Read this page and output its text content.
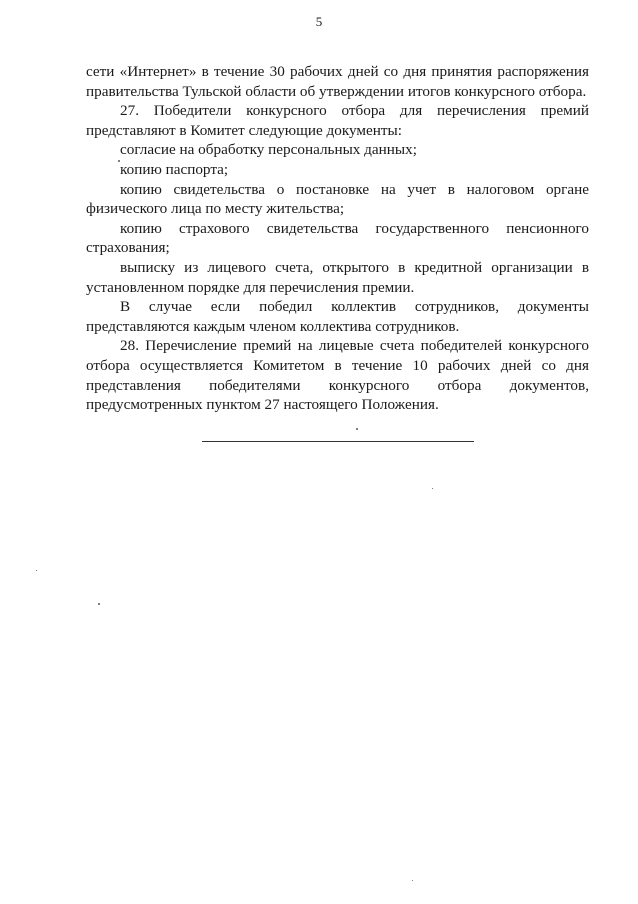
5

сети «Интернет» в течение 30 рабочих дней со дня принятия распоряжения правительства Тульской области об утверждении итогов конкурсного отбора.

27. Победители конкурсного отбора для перечисления премий представляют в Комитет следующие документы:

согласие на обработку персональных данных;

копию паспорта;

копию свидетельства о постановке на учет в налоговом органе физического лица по месту жительства;

копию страхового свидетельства государственного пенсионного страхования;

выписку из лицевого счета, открытого в кредитной организации в установленном порядке для перечисления премии.

В случае если победил коллектив сотрудников, документы представляются каждым членом коллектива сотрудников.

28. Перечисление премий на лицевые счета победителей конкурсного отбора осуществляется Комитетом в течение 10 рабочих дней со дня представления победителями конкурсного отбора документов, предусмотренных пунктом 27 настоящего Положения.
